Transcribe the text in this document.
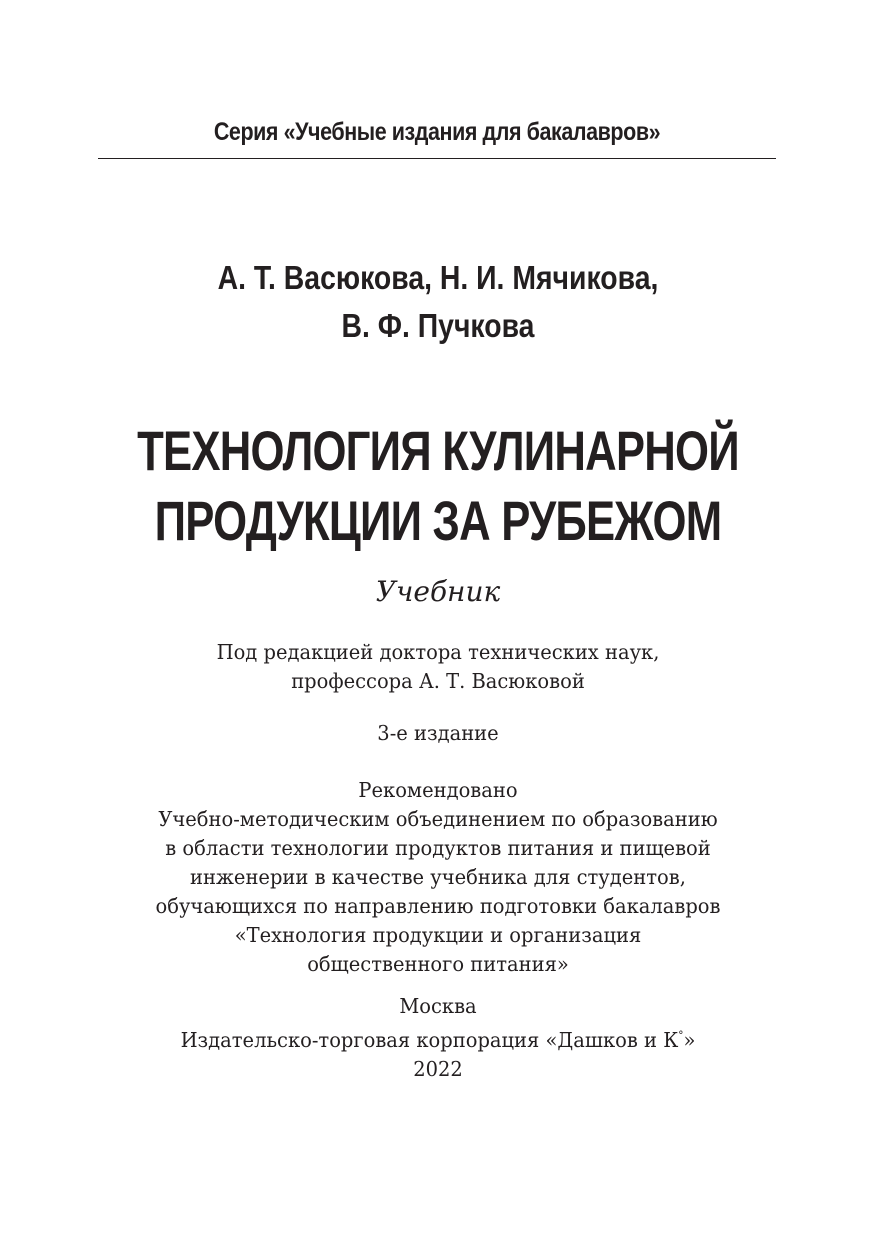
Серия «Учебные издания для бакалавров»
А. Т. Васюкова, Н. И. Мячикова,
В. Ф. Пучкова
ТЕХНОЛОГИЯ КУЛИНАРНОЙ
ПРОДУКЦИИ ЗА РУБЕЖОМ
Учебник
Под редакцией доктора технических наук,
профессора А. Т. Васюковой
3-е издание
Рекомендовано
Учебно-методическим объединением по образованию
в области технологии продуктов питания и пищевой
инженерии в качестве учебника для студентов,
обучающихся по направлению подготовки бакалавров
«Технология продукции и организация
общественного питания»
Москва
Издательско-торговая корпорация «Дашков и К°»
2022
